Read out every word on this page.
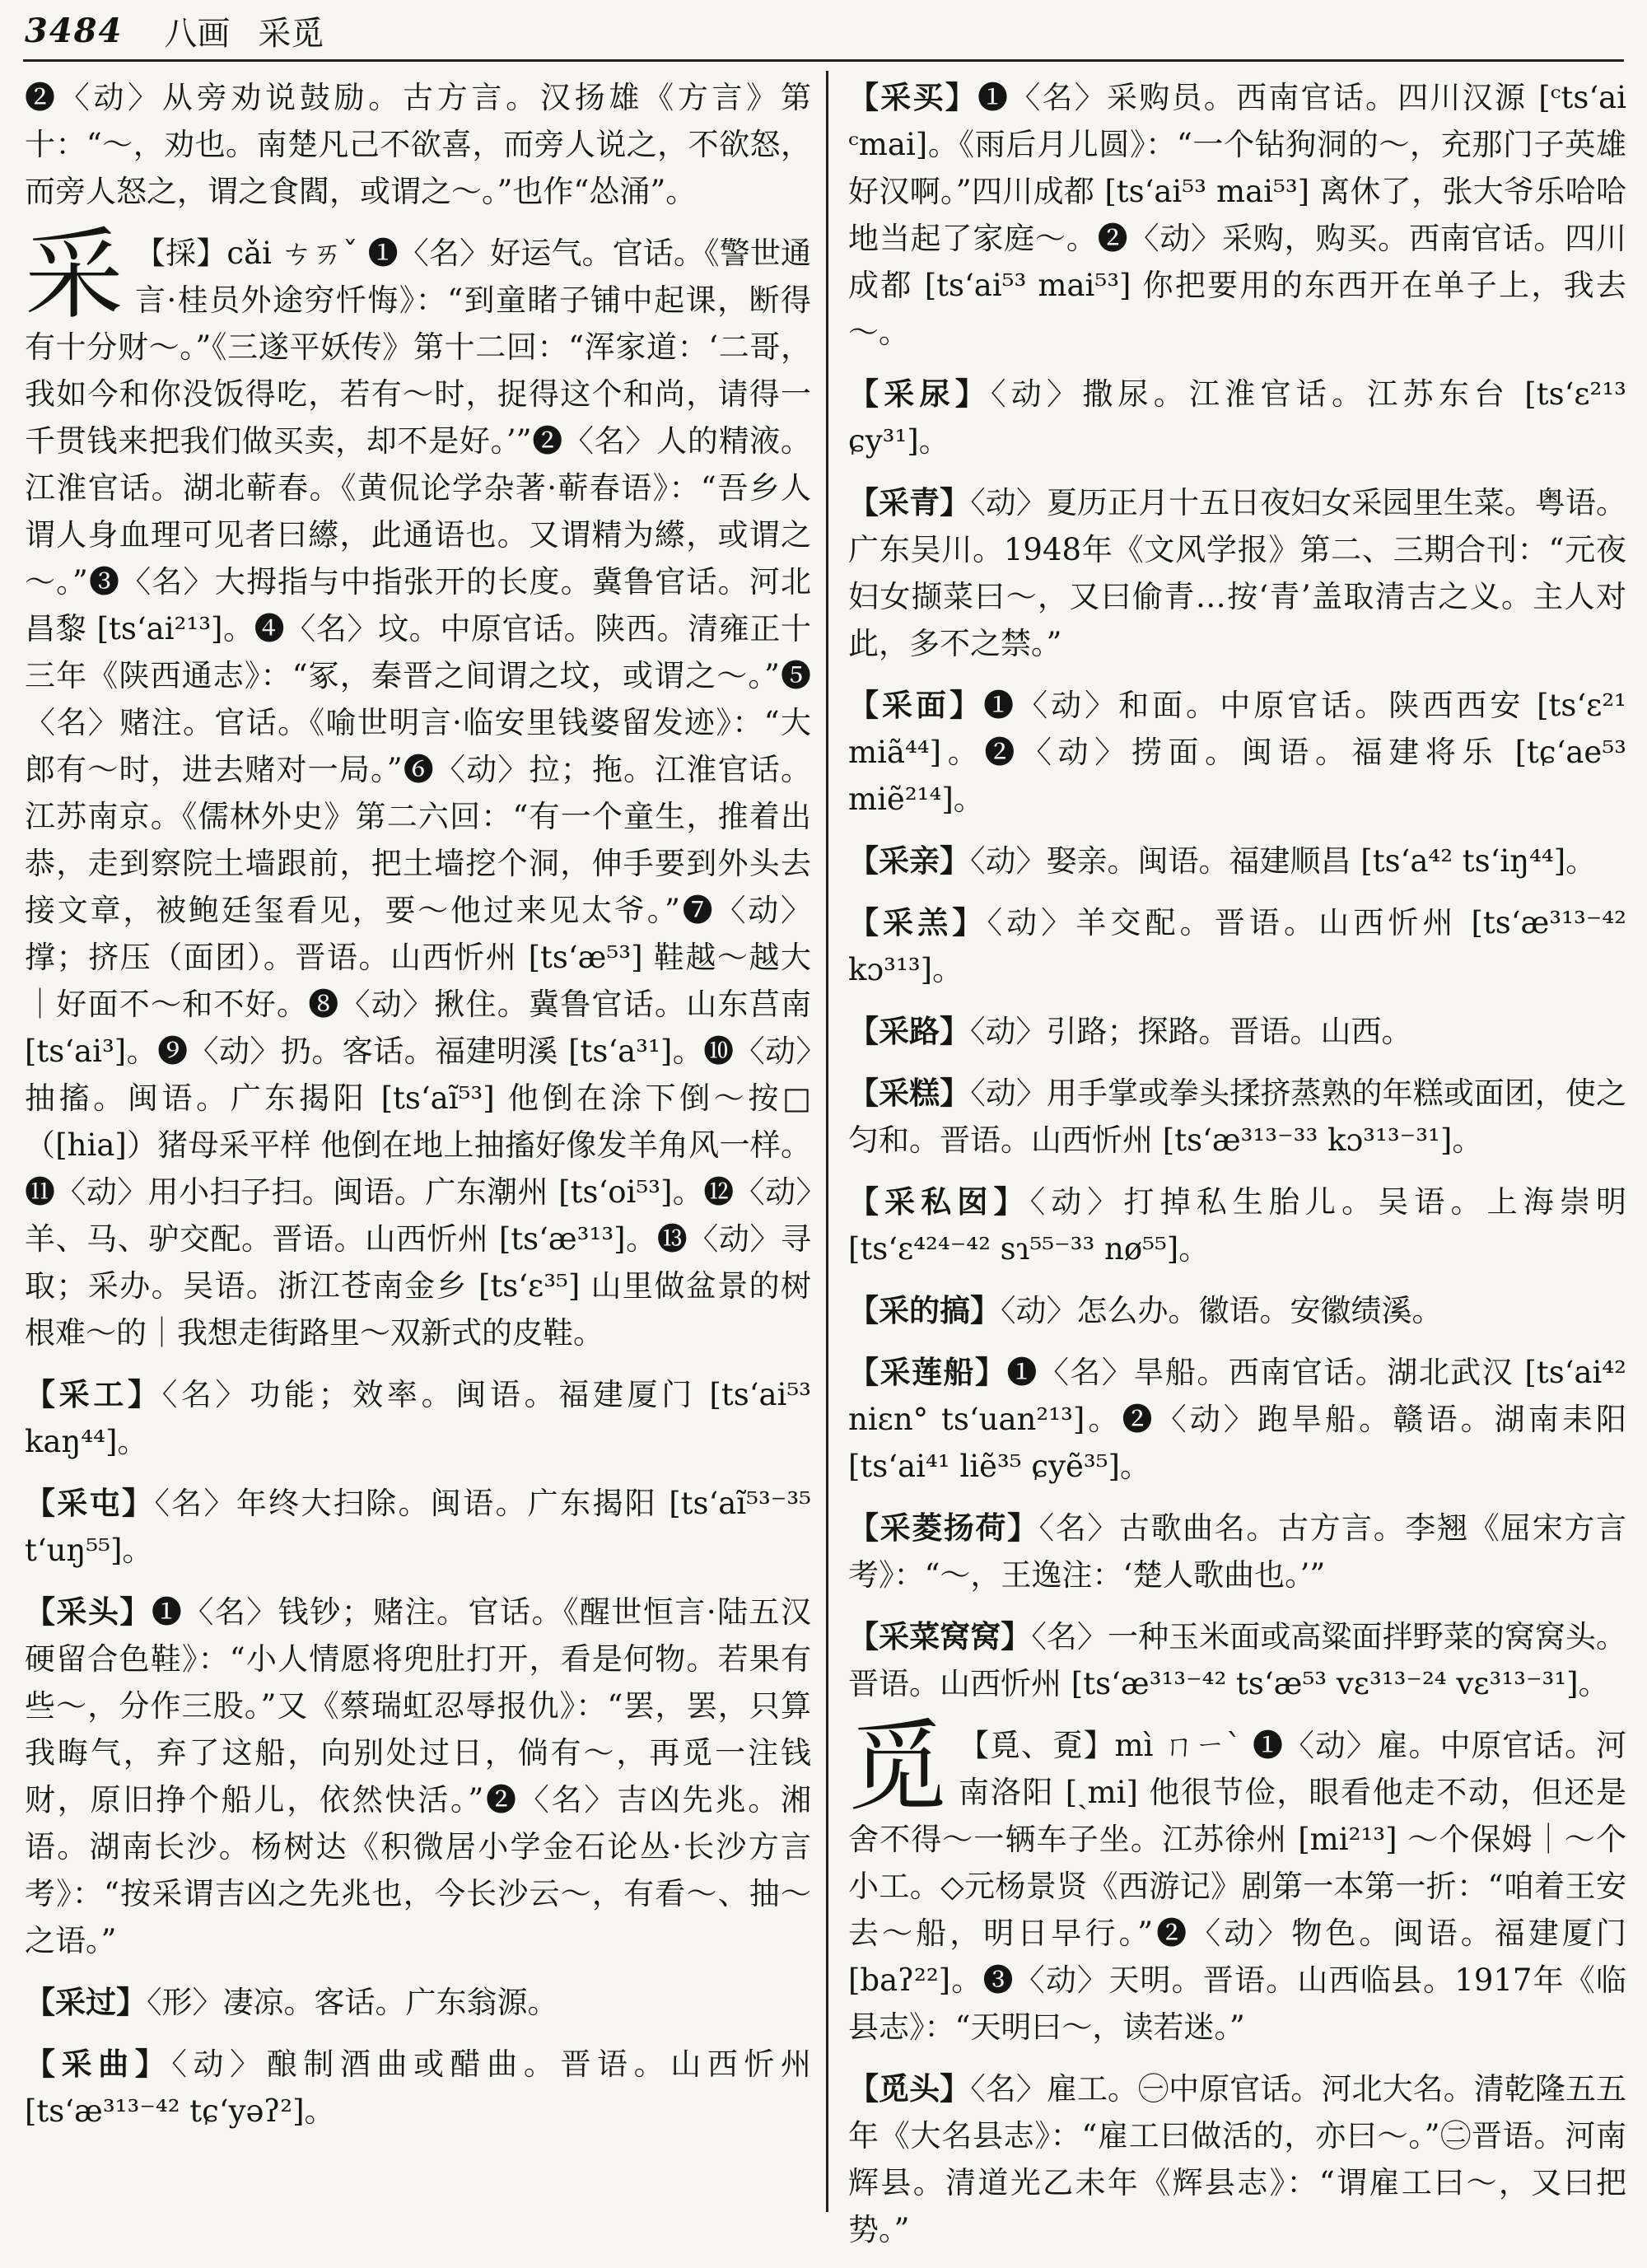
3484 八画 采觅

❷〈动〉从旁劝说鼓励。古方言。汉扬雄《方言》第十：“～，劝也。南楚凡己不欲喜，而旁人说之，不欲怒，而旁人怒之，谓之食閻，或谓之～。”也作“怂涌”。

采 【採】cǎi ㄘㄞˇ ❶〈名〉好运气。官话。《警世通言·桂员外途穷忏悔》：“到童睹子铺中起课，断得有十分财～。”《三遂平妖传》第十二回：“浑家道：‘二哥，我如今和你没饭得吃，若有～时，捉得这个和尚，请得一千贯钱来把我们做买卖，却不是好。’”❷〈名〉人的精液。江淮官话。湖北蕲春。《黄侃论学杂著·蕲春语》：“吾乡人谓人身血理可见者曰䌨，此通语也。又谓精为䌨，或谓之～。”❸〈名〉大拇指与中指张开的长度。冀鲁官话。河北昌黎 [ts‘ai²¹³]。❹〈名〉坟。中原官话。陕西。清雍正十三年《陕西通志》：“冢，秦晋之间谓之坟，或谓之～。”❺〈名〉赌注。官话。《喻世明言·临安里钱婆留发迹》：“大郎有～时，进去赌对一局。”❻〈动〉拉；拖。江淮官话。江苏南京。《儒林外史》第二六回：“有一个童生，推着出恭，走到察院土墙跟前，把土墙挖个洞，伸手要到外头去接文章，被鲍廷玺看见，要～他过来见太爷。”❼〈动〉撑；挤压（面团）。晋语。山西忻州 [ts‘æ⁵³] 鞋越～越大｜好面不～和不好。❽〈动〉揪住。冀鲁官话。山东莒南 [ts‘ai³]。❾〈动〉扔。客话。福建明溪 [ts‘a³¹]。❿〈动〉抽搐。闽语。广东揭阳 [ts‘aĩ⁵³] 他倒在涂下倒～按□（[hia]）猪母采平样 他倒在地上抽搐好像发羊角风一样。⓫〈动〉用小扫子扫。闽语。广东潮州 [ts‘oi⁵³]。⓬〈动〉羊、马、驴交配。晋语。山西忻州 [ts‘æ³¹³]。⓭〈动〉寻取；采办。吴语。浙江苍南金乡 [ts‘ɛ³⁵] 山里做盆景的树根难～的｜我想走街路里～双新式的皮鞋。

【采工】〈名〉功能；效率。闽语。福建厦门 [ts‘ai⁵³ kaŋ⁴⁴]。

【采屯】〈名〉年终大扫除。闽语。广东揭阳 [ts‘aĩ⁵³⁻³⁵ t‘uŋ⁵⁵]。

【采头】❶〈名〉钱钞；赌注。官话。《醒世恒言·陆五汉硬留合色鞋》：“小人情愿将兜肚打开，看是何物。若果有些～，分作三股。”又《蔡瑞虹忍辱报仇》：“罢，罢，只算我晦气，弃了这船，向别处过日，倘有～，再觅一注钱财，原旧挣个船儿，依然快活。”❷〈名〉吉凶先兆。湘语。湖南长沙。杨树达《积微居小学金石论丛·长沙方言考》：“按采谓吉凶之先兆也，今长沙云～，有看～、抽～之语。”

【采过】〈形〉凄凉。客话。广东翁源。

【采曲】〈动〉酿制酒曲或醋曲。晋语。山西忻州 [ts‘æ³¹³⁻⁴² tɕ‘yəʔ²]。

【采买】❶〈名〉采购员。西南官话。四川汉源 [ᶜts‘ai ᶜmai]。《雨后月儿圆》：“一个钻狗洞的～，充那门子英雄好汉啊。”四川成都 [ts‘ai⁵³ mai⁵³] 离休了，张大爷乐哈哈地当起了家庭～。❷〈动〉采购，购买。西南官话。四川成都 [ts‘ai⁵³ mai⁵³] 你把要用的东西开在单子上，我去～。

【采尿】〈动〉撒尿。江淮官话。江苏东台 [ts‘ɛ²¹³ ɕy³¹]。

【采青】〈动〉夏历正月十五日夜妇女采园里生菜。粤语。广东吴川。1948年《文风学报》第二、三期合刊：“元夜妇女撷菜曰～，又曰偷青…按‘青’盖取清吉之义。主人对此，多不之禁。”

【采面】❶〈动〉和面。中原官话。陕西西安 [ts‘ɛ²¹ miã⁴⁴]。❷〈动〉捞面。闽语。福建将乐 [tɕ‘ae⁵³ miẽ²¹⁴]。

【采亲】〈动〉娶亲。闽语。福建顺昌 [ts‘a⁴² ts‘iŋ⁴⁴]。

【采羔】〈动〉羊交配。晋语。山西忻州 [ts‘æ³¹³⁻⁴² kɔ³¹³]。

【采路】〈动〉引路；探路。晋语。山西。

【采糕】〈动〉用手掌或拳头揉挤蒸熟的年糕或面团，使之匀和。晋语。山西忻州 [ts‘æ³¹³⁻³³ kɔ³¹³⁻³¹]。

【采私囡】〈动〉打掉私生胎儿。吴语。上海崇明 [ts‘ɛ⁴²⁴⁻⁴² sɿ⁵⁵⁻³³ nø⁵⁵]。

【采的搞】〈动〉怎么办。徽语。安徽绩溪。

【采莲船】❶〈名〉旱船。西南官话。湖北武汉 [ts‘ai⁴² niɛn° ts‘uan²¹³]。❷〈动〉跑旱船。赣语。湖南耒阳 [ts‘ai⁴¹ liẽ³⁵ ɕyẽ³⁵]。

【采菱扬荷】〈名〉古歌曲名。古方言。李翘《屈宋方言考》：“～，王逸注：‘楚人歌曲也。’”

【采菜窝窝】〈名〉一种玉米面或高粱面拌野菜的窝窝头。晋语。山西忻州 [ts‘æ³¹³⁻⁴² ts‘æ⁵³ vɛ³¹³⁻²⁴ vɛ³¹³⁻³¹]。

觅 【覓、覔】mì ㄇㄧˋ ❶〈动〉雇。中原官话。河南洛阳 [ˏmi] 他很节俭，眼看他走不动，但还是舍不得～一辆车子坐。江苏徐州 [mi²¹³] ～个保姆｜～个小工。◇元杨景贤《西游记》剧第一本第一折：“咱着王安去～船，明日早行。”❷〈动〉物色。闽语。福建厦门 [baʔ²²]。❸〈动〉天明。晋语。山西临县。1917年《临县志》：“天明曰～，读若迷。”

【觅头】〈名〉雇工。㊀中原官话。河北大名。清乾隆五五年《大名县志》：“雇工曰做活的，亦曰～。”㊁晋语。河南辉县。清道光乙未年《辉县志》：“谓雇工曰～，又曰把势。”
